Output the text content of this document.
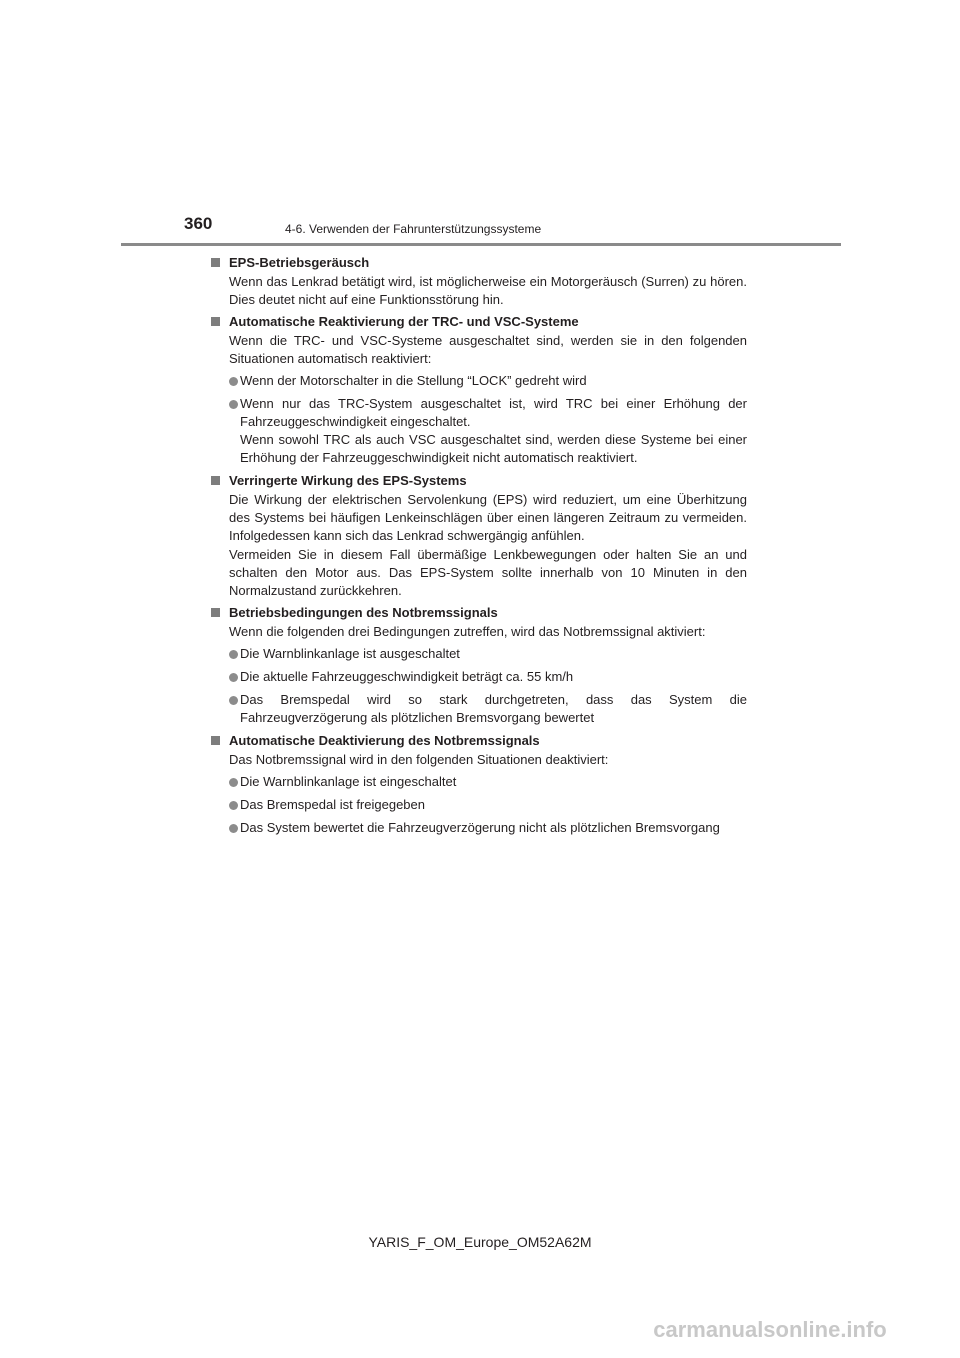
360	4-6. Verwenden der Fahrunterstützungssysteme
EPS-Betriebsgeräusch
Wenn das Lenkrad betätigt wird, ist möglicherweise ein Motorgeräusch (Surren) zu hören. Dies deutet nicht auf eine Funktionsstörung hin.
Automatische Reaktivierung der TRC- und VSC-Systeme
Wenn die TRC- und VSC-Systeme ausgeschaltet sind, werden sie in den folgenden Situationen automatisch reaktiviert:
Wenn der Motorschalter in die Stellung “LOCK” gedreht wird
Wenn nur das TRC-System ausgeschaltet ist, wird TRC bei einer Erhöhung der Fahrzeuggeschwindigkeit eingeschaltet.
Wenn sowohl TRC als auch VSC ausgeschaltet sind, werden diese Systeme bei einer Erhöhung der Fahrzeuggeschwindigkeit nicht automatisch reaktiviert.
Verringerte Wirkung des EPS-Systems
Die Wirkung der elektrischen Servolenkung (EPS) wird reduziert, um eine Überhitzung des Systems bei häufigen Lenkeinschlägen über einen längeren Zeitraum zu vermeiden. Infolgedessen kann sich das Lenkrad schwergängig anfühlen.
Vermeiden Sie in diesem Fall übermäßige Lenkbewegungen oder halten Sie an und schalten den Motor aus. Das EPS-System sollte innerhalb von 10 Minuten in den Normalzustand zurückkehren.
Betriebsbedingungen des Notbremssignals
Wenn die folgenden drei Bedingungen zutreffen, wird das Notbremssignal aktiviert:
Die Warnblinkanlage ist ausgeschaltet
Die aktuelle Fahrzeuggeschwindigkeit beträgt ca. 55 km/h
Das Bremspedal wird so stark durchgetreten, dass das System die Fahrzeugverzögerung als plötzlichen Bremsvorgang bewertet
Automatische Deaktivierung des Notbremssignals
Das Notbremssignal wird in den folgenden Situationen deaktiviert:
Die Warnblinkanlage ist eingeschaltet
Das Bremspedal ist freigegeben
Das System bewertet die Fahrzeugverzögerung nicht als plötzlichen Bremsvorgang
YARIS_F_OM_Europe_OM52A62M
carmanualsonline.info
